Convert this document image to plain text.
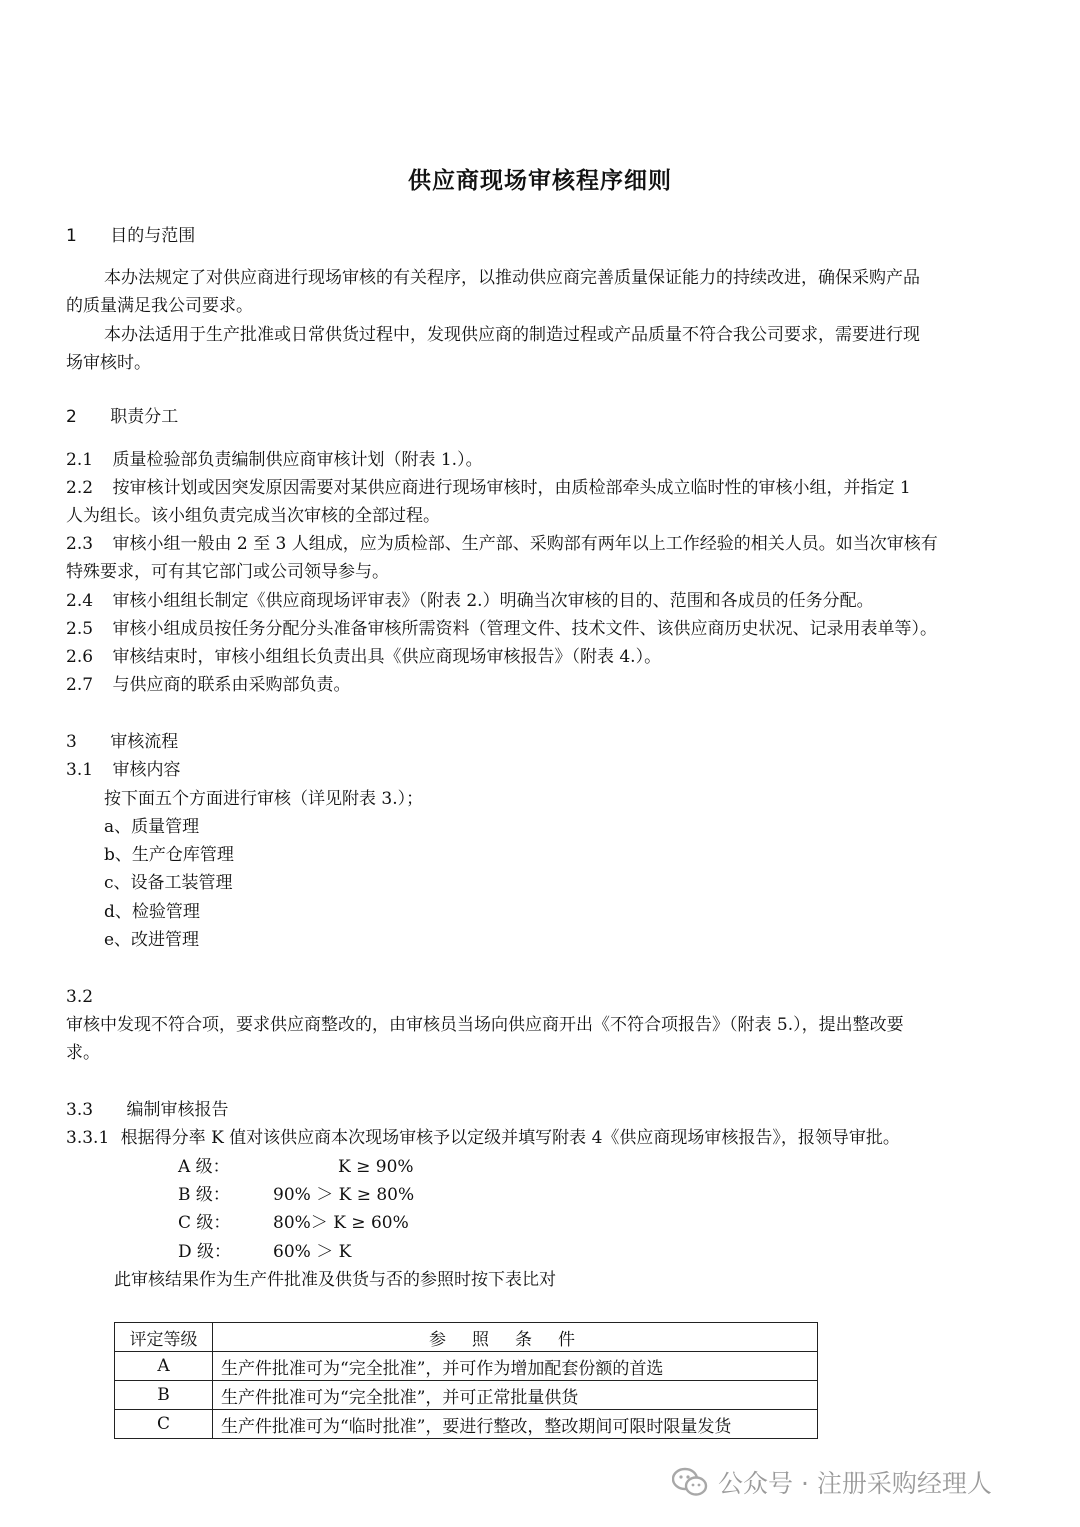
供应商现场审核程序细则
1 目的与范围
本办法规定了对供应商进行现场审核的有关程序，以推动供应商完善质量保证能力的持续改进，确保采购产品
的质量满足我公司要求。
本办法适用于生产批准或日常供货过程中，发现供应商的制造过程或产品质量不符合我公司要求，需要进行现
场审核时。
2 职责分工
2.1 质量检验部负责编制供应商审核计划（附表 1.）。
2.2 按审核计划或因突发原因需要对某供应商进行现场审核时，由质检部牵头成立临时性的审核小组，并指定 1
人为组长。该小组负责完成当次审核的全部过程。
2.3 审核小组一般由 2 至 3 人组成，应为质检部、生产部、采购部有两年以上工作经验的相关人员。如当次审核有
特殊要求，可有其它部门或公司领导参与。
2.4 审核小组组长制定《供应商现场评审表》（附表 2.）明确当次审核的目的、范围和各成员的任务分配。
2.5 审核小组成员按任务分配分头准备审核所需资料（管理文件、技术文件、该供应商历史状况、记录用表单等）。
2.6 审核结束时，审核小组组长负责出具《供应商现场审核报告》（附表 4.）。
2.7 与供应商的联系由采购部负责。
3 审核流程
3.1 审核内容
按下面五个方面进行审核（详见附表 3.）；
a、质量管理
b、生产仓库管理
c、设备工装管理
d、检验管理
e、改进管理
3.2
审核中发现不符合项，要求供应商整改的，由审核员当场向供应商开出《不符合项报告》（附表 5.），提出整改要
求。
3.3 编制审核报告
3.3.1 根据得分率 K 值对该供应商本次现场审核予以定级并填写附表 4《供应商现场审核报告》，报领导审批。
A 级：	K ≥ 90%
B 级：	90% ＞ K ≥ 80%
C 级：	80%＞ K ≥ 60%
D 级： 60% ＞ K
此审核结果作为生产件批准及供货与否的参照时按下表比对
评定等级	参照条件
A	生产件批准可为“完全批准”，并可作为增加配套份额的首选
B	生产件批准可为“完全批准”，并可正常批量供货
C	生产件批准可为“临时批准”，要进行整改，整改期间可限时限量发货
公众号 · 注册采购经理人
